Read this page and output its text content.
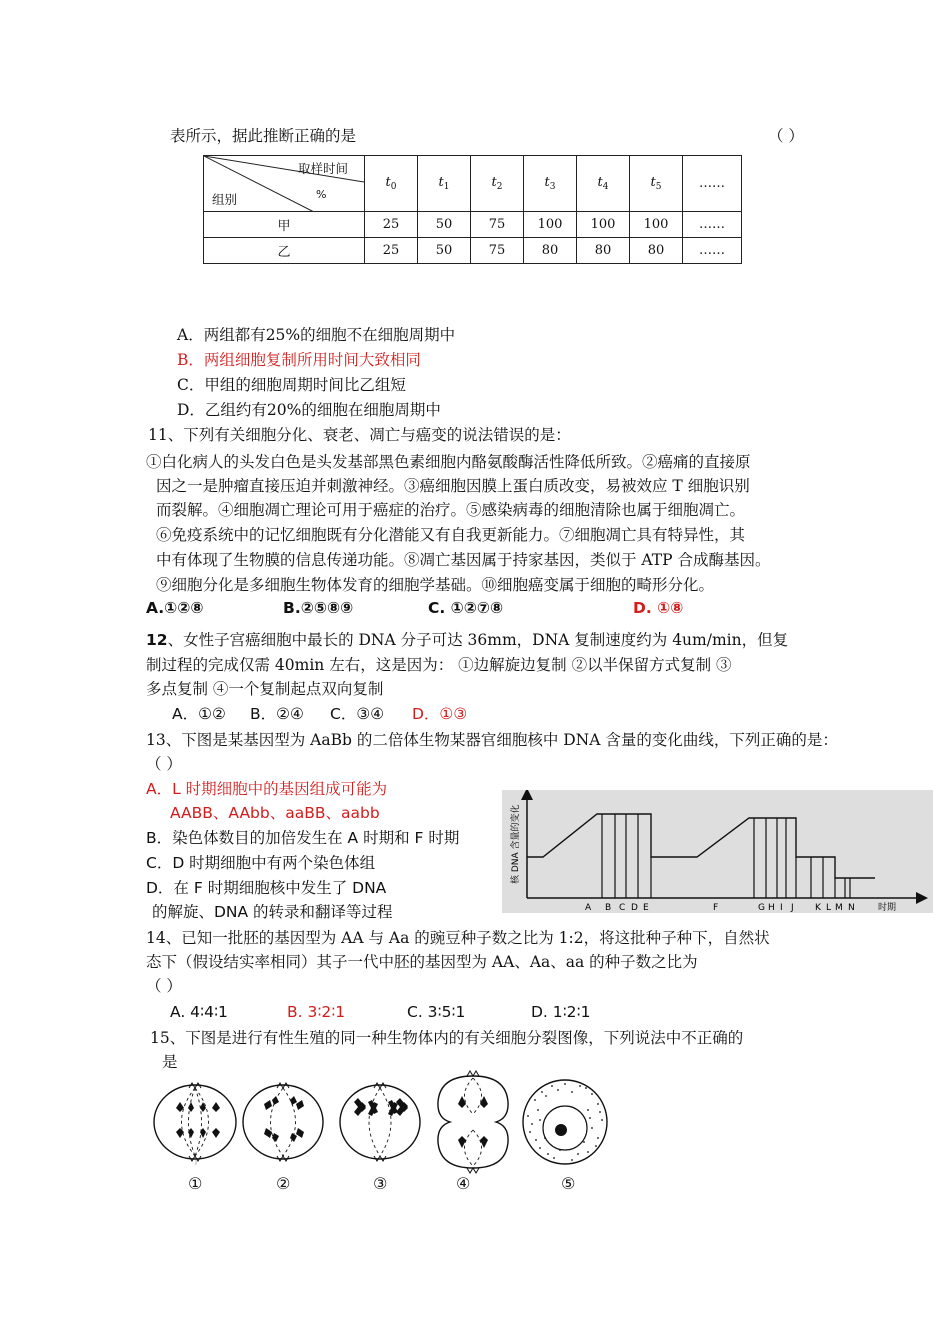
表所示，据此推断正确的是	（ ）
取样时间
%
组别	$t_0$	$t_1$	$t_2$	$t_3$	$t_4$	$t_5$	……
甲	25	50	75	100	100	100	……
乙	25	50	75	80	80	80	……
A．两组都有25%的细胞不在细胞周期中
B．两组细胞复制所用时间大致相同
C．甲组的细胞周期时间比乙组短
D．乙组约有20%的细胞在细胞周期中
11、下列有关细胞分化、衰老、凋亡与癌变的说法错误的是：
①白化病人的头发白色是头发基部黑色素细胞内酪氨酸酶活性降低所致。②癌痛的直接原
因之一是肿瘤直接压迫并刺激神经。③癌细胞因膜上蛋白质改变，易被效应 T 细胞识别
而裂解。④细胞凋亡理论可用于癌症的治疗。⑤感染病毒的细胞清除也属于细胞凋亡。
⑥免疫系统中的记忆细胞既有分化潜能又有自我更新能力。⑦细胞凋亡具有特异性，其
中有体现了生物膜的信息传递功能。⑧凋亡基因属于持家基因，类似于 ATP 合成酶基因。
⑨细胞分化是多细胞生物体发育的细胞学基础。⑩细胞癌变属于细胞的畸形分化。
A.①②⑧	B.②⑤⑧⑨	C. ①②⑦⑧	D. ①⑧
12、女性子宫癌细胞中最长的 DNA 分子可达 36mm，DNA 复制速度约为 4um/min，但复
制过程的完成仅需 40min 左右，这是因为： ①边解旋边复制 ②以半保留方式复制 ③
多点复制 ④一个复制起点双向复制
A．①② B．②④ C．③④ D．①③
13、下图是某基因型为 AaBb 的二倍体生物某器官细胞核中 DNA 含量的变化曲线，下列正确的是：
（ ）
A．L 时期细胞中的基因组成可能为
AABB、AAbb、aaBB、aabb
B．染色体数目的加倍发生在 A 时期和 F 时期
C．D 时期细胞中有两个染色体组
D．在 F 时期细胞核中发生了 DNA
的解旋、DNA 的转录和翻译等过程
核 DNA 含量的变化
A B C D E	F	G H I J K L M N	时期
14、已知一批胚的基因型为 AA 与 Aa 的豌豆种子数之比为 1:2，将这批种子种下，自然状
态下（假设结实率相同）其子一代中胚的基因型为 AA、Aa、aa 的种子数之比为
（ ）
A. 4∶4∶1	B. 3∶2∶1	C. 3∶5∶1	D. 1∶2∶1
15、下图是进行有性生殖的同一种生物体内的有关细胞分裂图像，下列说法中不正确的
是
①	②	③	④	⑤
